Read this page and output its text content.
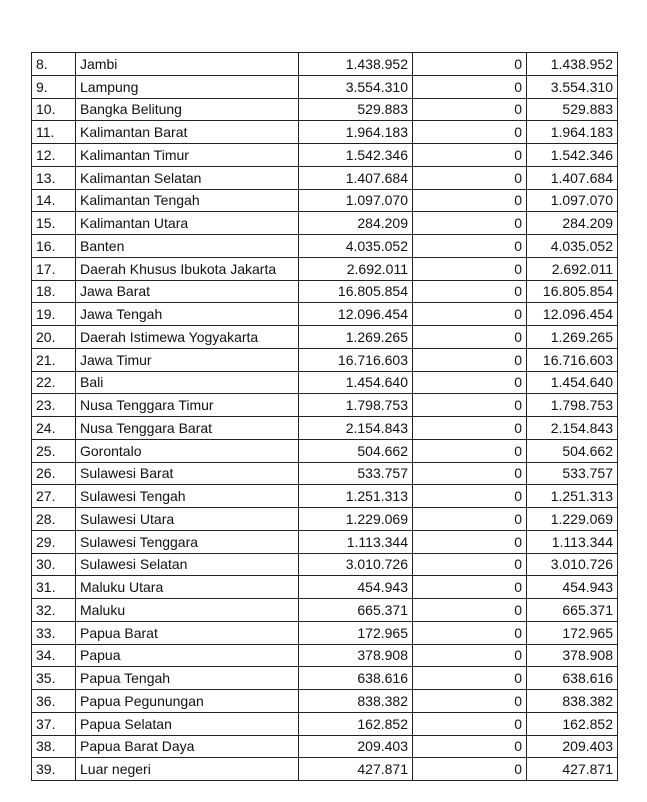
8.	Jambi	1.438.952	0	1.438.952
9.	Lampung	3.554.310	0	3.554.310
10.	Bangka Belitung	529.883	0	529.883
11.	Kalimantan Barat	1.964.183	0	1.964.183
12.	Kalimantan Timur	1.542.346	0	1.542.346
13.	Kalimantan Selatan	1.407.684	0	1.407.684
14.	Kalimantan Tengah	1.097.070	0	1.097.070
15.	Kalimantan Utara	284.209	0	284.209
16.	Banten	4.035.052	0	4.035.052
17.	Daerah Khusus Ibukota Jakarta	2.692.011	0	2.692.011
18.	Jawa Barat	16.805.854	0	16.805.854
19.	Jawa Tengah	12.096.454	0	12.096.454
20.	Daerah Istimewa Yogyakarta	1.269.265	0	1.269.265
21.	Jawa Timur	16.716.603	0	16.716.603
22.	Bali	1.454.640	0	1.454.640
23.	Nusa Tenggara Timur	1.798.753	0	1.798.753
24.	Nusa Tenggara Barat	2.154.843	0	2.154.843
25.	Gorontalo	504.662	0	504.662
26.	Sulawesi Barat	533.757	0	533.757
27.	Sulawesi Tengah	1.251.313	0	1.251.313
28.	Sulawesi Utara	1.229.069	0	1.229.069
29.	Sulawesi Tenggara	1.113.344	0	1.113.344
30.	Sulawesi Selatan	3.010.726	0	3.010.726
31.	Maluku Utara	454.943	0	454.943
32.	Maluku	665.371	0	665.371
33.	Papua Barat	172.965	0	172.965
34.	Papua	378.908	0	378.908
35.	Papua Tengah	638.616	0	638.616
36.	Papua Pegunungan	838.382	0	838.382
37.	Papua Selatan	162.852	0	162.852
38.	Papua Barat Daya	209.403	0	209.403
39.	Luar negeri	427.871	0	427.871
